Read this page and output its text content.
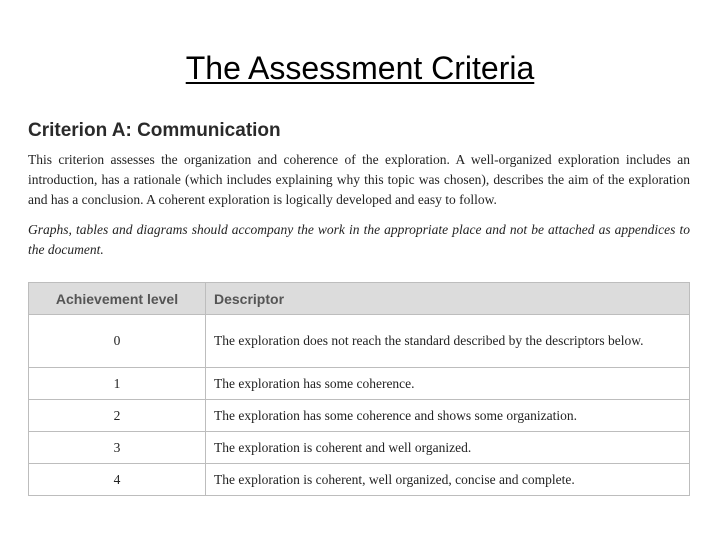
The Assessment Criteria
Criterion A: Communication

This criterion assesses the organization and coherence of the exploration. A well-organized exploration includes an introduction, has a rationale (which includes explaining why this topic was chosen), describes the aim of the exploration and has a conclusion. A coherent exploration is logically developed and easy to follow.

Graphs, tables and diagrams should accompany the work in the appropriate place and not be attached as appendices to the document.

Achievement level	Descriptor
0	The exploration does not reach the standard described by the descriptors below.
1	The exploration has some coherence.
2	The exploration has some coherence and shows some organization.
3	The exploration is coherent and well organized.
4	The exploration is coherent, well organized, concise and complete.
